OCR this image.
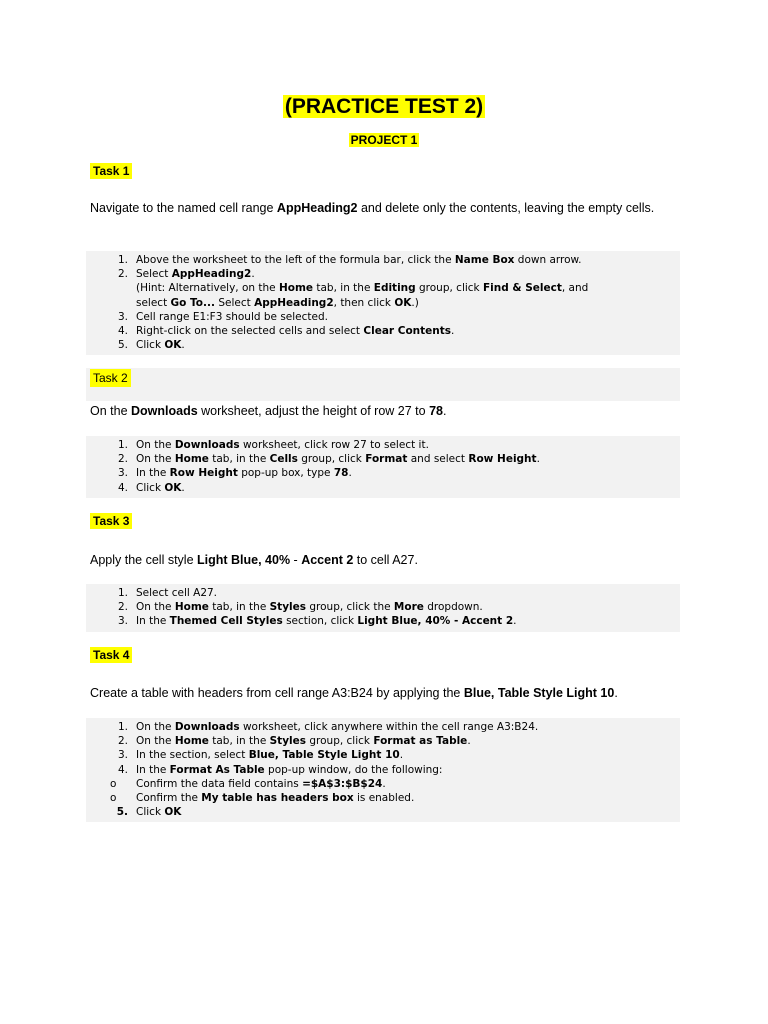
(PRACTICE TEST 2)
PROJECT 1
Task 1
Navigate to the named cell range AppHeading2 and delete only the contents, leaving the empty cells.
1. Above the worksheet to the left of the formula bar, click the Name Box down arrow.
2. Select AppHeading2.
(Hint: Alternatively, on the Home tab, in the Editing group, click Find & Select, and
select Go To... Select AppHeading2, then click OK.)
3. Cell range E1:F3 should be selected.
4. Right-click on the selected cells and select Clear Contents.
5. Click OK.
Task 2
On the Downloads worksheet, adjust the height of row 27 to 78.
1. On the Downloads worksheet, click row 27 to select it.
2. On the Home tab, in the Cells group, click Format and select Row Height.
3. In the Row Height pop-up box, type 78.
4. Click OK.
Task 3
Apply the cell style Light Blue, 40% - Accent 2 to cell A27.
1. Select cell A27.
2. On the Home tab, in the Styles group, click the More dropdown.
3. In the Themed Cell Styles section, click Light Blue, 40% - Accent 2.
Task 4
Create a table with headers from cell range A3:B24 by applying the Blue, Table Style Light 10.
1. On the Downloads worksheet, click anywhere within the cell range A3:B24.
2. On the Home tab, in the Styles group, click Format as Table.
3. In the section, select Blue, Table Style Light 10.
4. In the Format As Table pop-up window, do the following:
o Confirm the data field contains =$A$3:$B$24.
o Confirm the My table has headers box is enabled.
5. Click OK
